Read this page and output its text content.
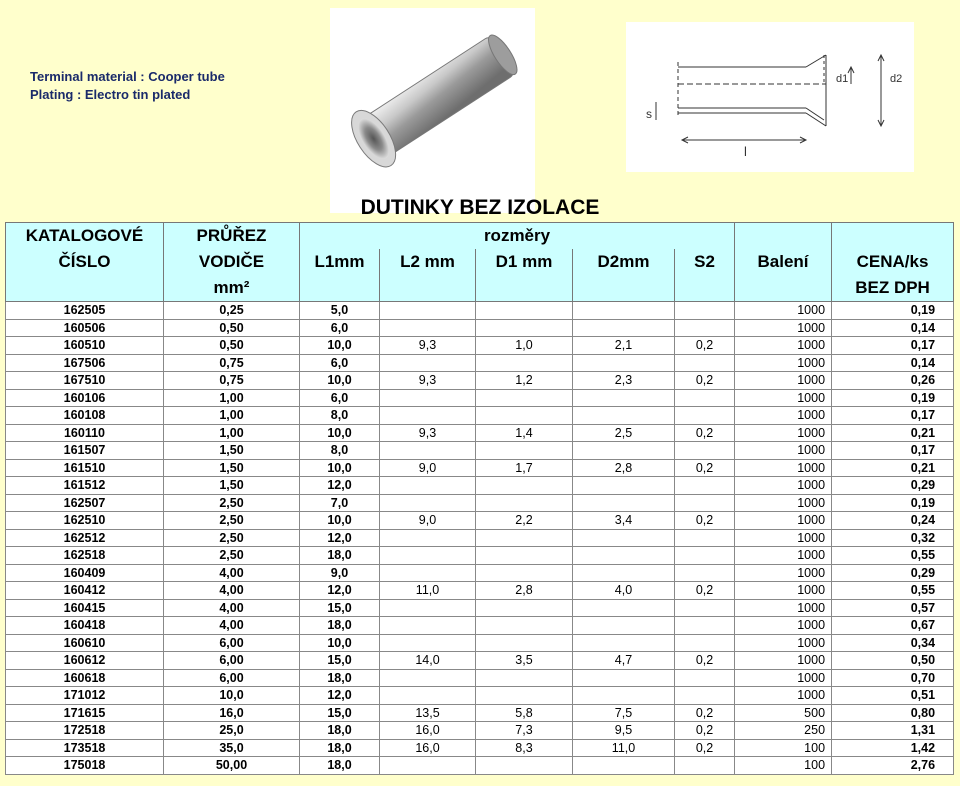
Terminal material : Cooper tube
Plating : Electro tin plated
s
l
d1	d2
DUTINKY BEZ IZOLACE
KATALOGOVÉ	PRŮŘEZ	rozměry						
ČÍSLO	VODIČE	L1mm	L2 mm	D1 mm	D2mm	S2	Balení	CENA/ks
	mm²							BEZ DPH
162505	0,25	5,0					1000	0,19
160506	0,50	6,0					1000	0,14
160510	0,50	10,0	9,3	1,0	2,1	0,2	1000	0,17
167506	0,75	6,0					1000	0,14
167510	0,75	10,0	9,3	1,2	2,3	0,2	1000	0,26
160106	1,00	6,0					1000	0,19
160108	1,00	8,0					1000	0,17
160110	1,00	10,0	9,3	1,4	2,5	0,2	1000	0,21
161507	1,50	8,0					1000	0,17
161510	1,50	10,0	9,0	1,7	2,8	0,2	1000	0,21
161512	1,50	12,0					1000	0,29
162507	2,50	7,0					1000	0,19
162510	2,50	10,0	9,0	2,2	3,4	0,2	1000	0,24
162512	2,50	12,0					1000	0,32
162518	2,50	18,0					1000	0,55
160409	4,00	9,0					1000	0,29
160412	4,00	12,0	11,0	2,8	4,0	0,2	1000	0,55
160415	4,00	15,0					1000	0,57
160418	4,00	18,0					1000	0,67
160610	6,00	10,0					1000	0,34
160612	6,00	15,0	14,0	3,5	4,7	0,2	1000	0,50
160618	6,00	18,0					1000	0,70
171012	10,0	12,0					1000	0,51
171615	16,0	15,0	13,5	5,8	7,5	0,2	500	0,80
172518	25,0	18,0	16,0	7,3	9,5	0,2	250	1,31
173518	35,0	18,0	16,0	8,3	11,0	0,2	100	1,42
175018	50,00	18,0					100	2,76
